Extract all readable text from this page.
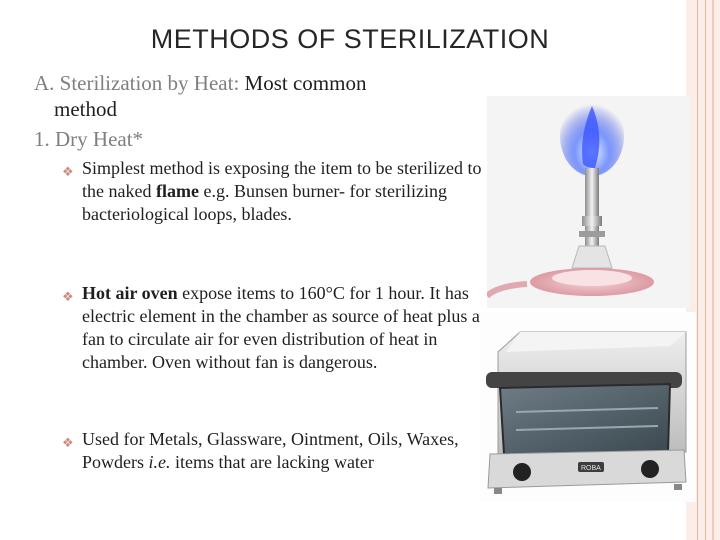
METHODS OF STERILIZATION
A. Sterilization by Heat: Most common
method
1. Dry Heat*
❖ Simplest method is exposing the item to be sterilized to the naked flame e.g. Bunsen burner- for sterilizing bacteriological loops, blades.
❖ Hot air oven expose items to 160°C for 1 hour. It has electric element in the chamber as source of heat plus a fan to circulate air for even distribution of heat in chamber. Oven without fan is dangerous.
❖ Used for Metals, Glassware, Ointment, Oils, Waxes, Powders i.e. items that are lacking water	ROBA
